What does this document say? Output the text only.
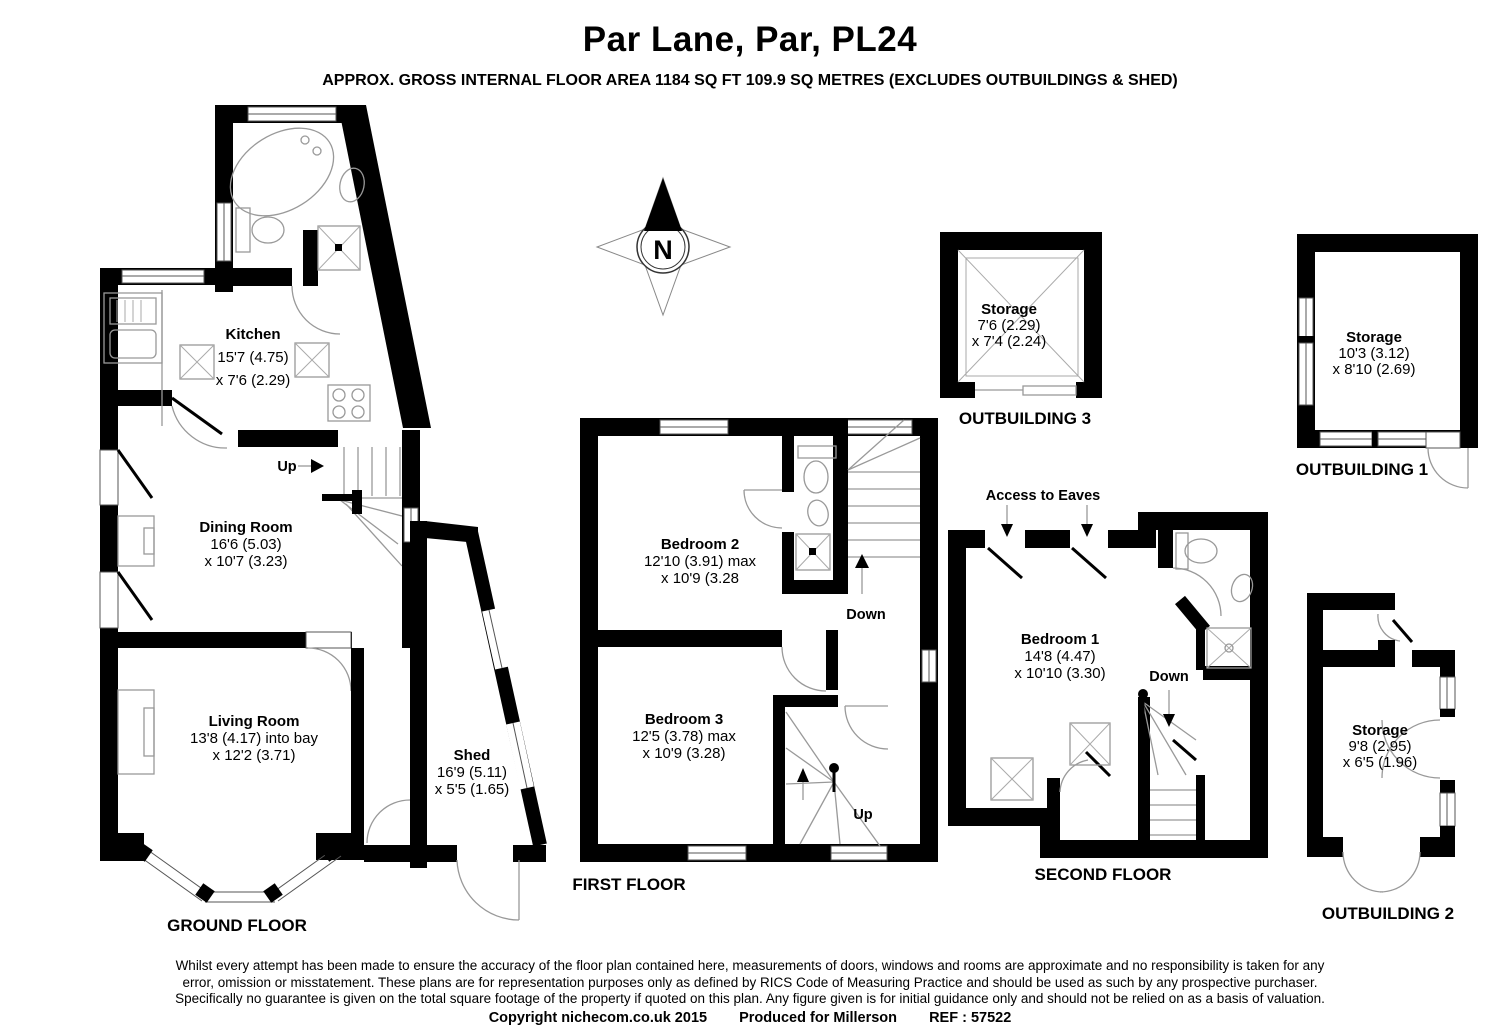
Par Lane, Par, PL24
APPROX. GROSS INTERNAL FLOOR AREA 1184 SQ FT 109.9 SQ METRES (EXCLUDES OUTBUILDINGS & SHED)
Kitchen
15'7 (4.75)
x 7'6 (2.29)
Dining Room
16'6 (5.03)
x 10'7 (3.23)
Living Room
13'8 (4.17) into bay
x 12'2 (3.71)	Shed
16'9 (5.11)
x 5'5 (1.65)
Up
GROUND FLOOR
Bedroom 2
12'10 (3.91) max
x 10'9 (3.28
Bedroom 3
12'5 (3.78) max
x 10'9 (3.28)
Down
Up
FIRST FLOOR
Access to Eaves
Bedroom 1
14'8 (4.47)
x 10'10 (3.30)	Down
SECOND FLOOR
Storage
7'6 (2.29)
x 7'4 (2.24)
OUTBUILDING 3
Storage
10'3 (3.12)
x 8'10 (2.69)
OUTBUILDING 1
Storage
9'8 (2.95)
x 6'5 (1.96)
OUTBUILDING 2
N
Whilst every attempt has been made to ensure the accuracy of the floor plan contained here, measurements of doors, windows and rooms are approximate and no responsibility is taken for any
error, omission or misstatement. These plans are for representation purposes only as defined by RICS Code of Measuring Practice and should be used as such by any prospective purchaser.
Specifically no guarantee is given on the total square footage of the property if quoted on this plan. Any figure given is for initial guidance only and should not be relied on as a basis of valuation.
Copyright nichecom.co.uk 2015 Produced for Millerson REF : 57522
